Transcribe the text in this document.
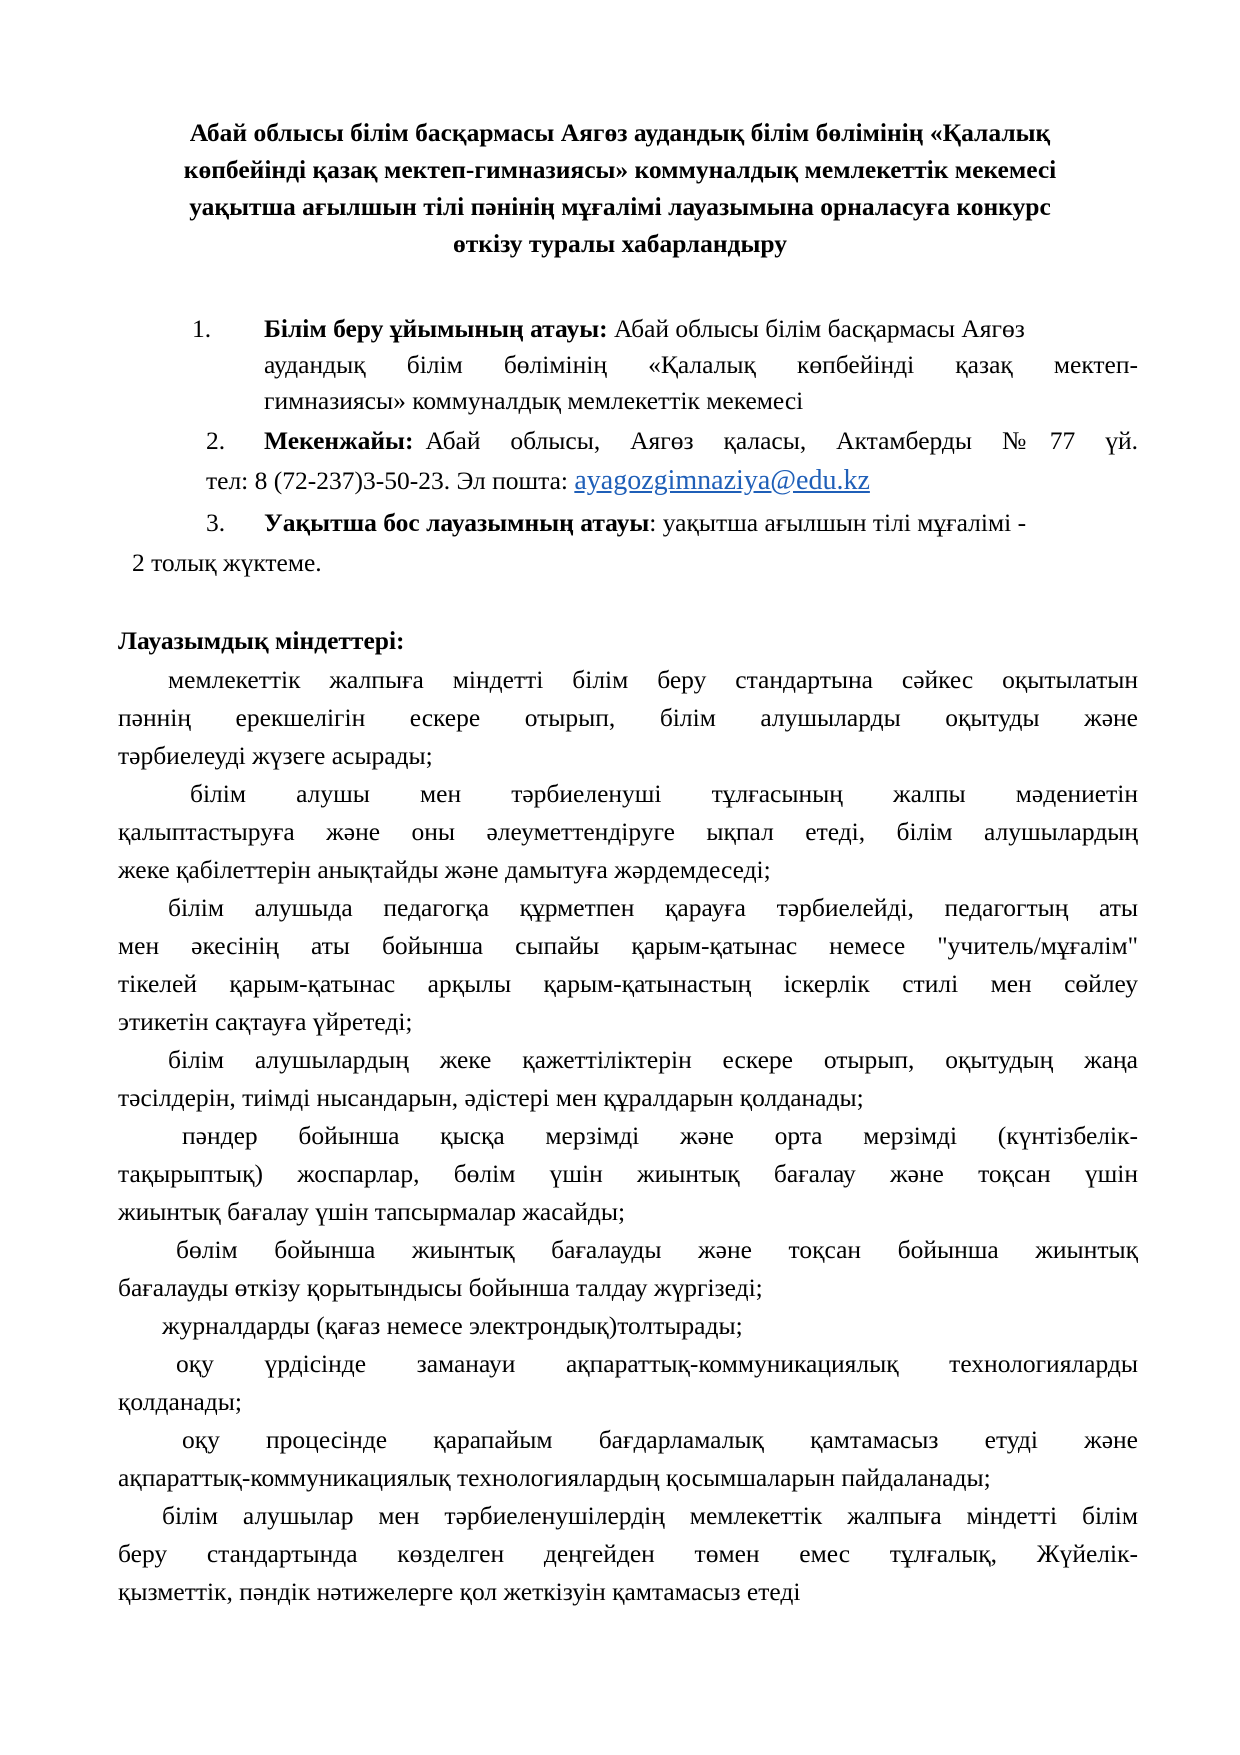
Абай облысы білім басқармасы Аягөз аудандық білім бөлімінің «Қалалық
көпбейінді қазақ мектеп-гимназиясы» коммуналдық мемлекеттік мекемесі
уақытша ағылшын тілі пәнінің мұғалімі лауазымына орналасуға конкурс
өткізу туралы хабарландыру
1. Білім беру ұйымының атауы: Абай облысы білім басқармасы Аягөз
аудандық білім бөлімінің «Қалалық көпбейінді қазақ мектеп-
гимназиясы» коммуналдық мемлекеттік мекемесі
2. Мекенжайы: Абай облысы, Аягөз қаласы, Актамберды №77 үй.
тел: 8 (72-237)3-50-23. Эл пошта: ayagozgimnaziya@edu.kz
3. Уақытша бос лауазымның атауы: уақытша ағылшын тілі мұғалімі -
2 толық жүктеме.
Лауазымдық міндеттері:
мемлекеттік жалпыға міндетті білім беру стандартына сәйкес оқытылатын
пәннің ерекшелігін ескере отырып, білім алушыларды оқытуды және
тәрбиелеуді жүзеге асырады;
білім алушы мен тәрбиеленуші тұлғасының жалпы мәдениетін
қалыптастыруға және оны әлеуметтендіруге ықпал етеді, білім алушылардың
жеке қабілеттерін анықтайды және дамытуға жәрдемдеседі;
білім алушыда педагогқа құрметпен қарауға тәрбиелейді, педагогтың аты
мен әкесінің аты бойынша сыпайы қарым-қатынас немесе "учитель/мұғалім"
тікелей қарым-қатынас арқылы қарым-қатынастың іскерлік стилі мен сөйлеу
этикетін сақтауға үйретеді;
білім алушылардың жеке қажеттіліктерін ескере отырып, оқытудың жаңа
тәсілдерін, тиімді нысандарын, әдістері мен құралдарын қолданады;
пәндер бойынша қысқа мерзімді және орта мерзімді (күнтізбелік-
тақырыптық) жоспарлар, бөлім үшін жиынтық бағалау және тоқсан үшін
жиынтық бағалау үшін тапсырмалар жасайды;
бөлім бойынша жиынтық бағалауды және тоқсан бойынша жиынтық
бағалауды өткізу қорытындысы бойынша талдау жүргізеді;
журналдарды (қағаз немесе электрондық)толтырады;
оқу үрдісінде заманауи ақпараттық-коммуникациялық технологияларды
қолданады;
оқу процесінде қарапайым бағдарламалық қамтамасыз етуді және
ақпараттық-коммуникациялық технологиялардың қосымшаларын пайдаланады;
білім алушылар мен тәрбиеленушілердің мемлекеттік жалпыға міндетті білім
беру стандартында көзделген деңгейден төмен емес тұлғалық, Жүйелік-
қызметтік, пәндік нәтижелерге қол жеткізуін қамтамасыз етеді
